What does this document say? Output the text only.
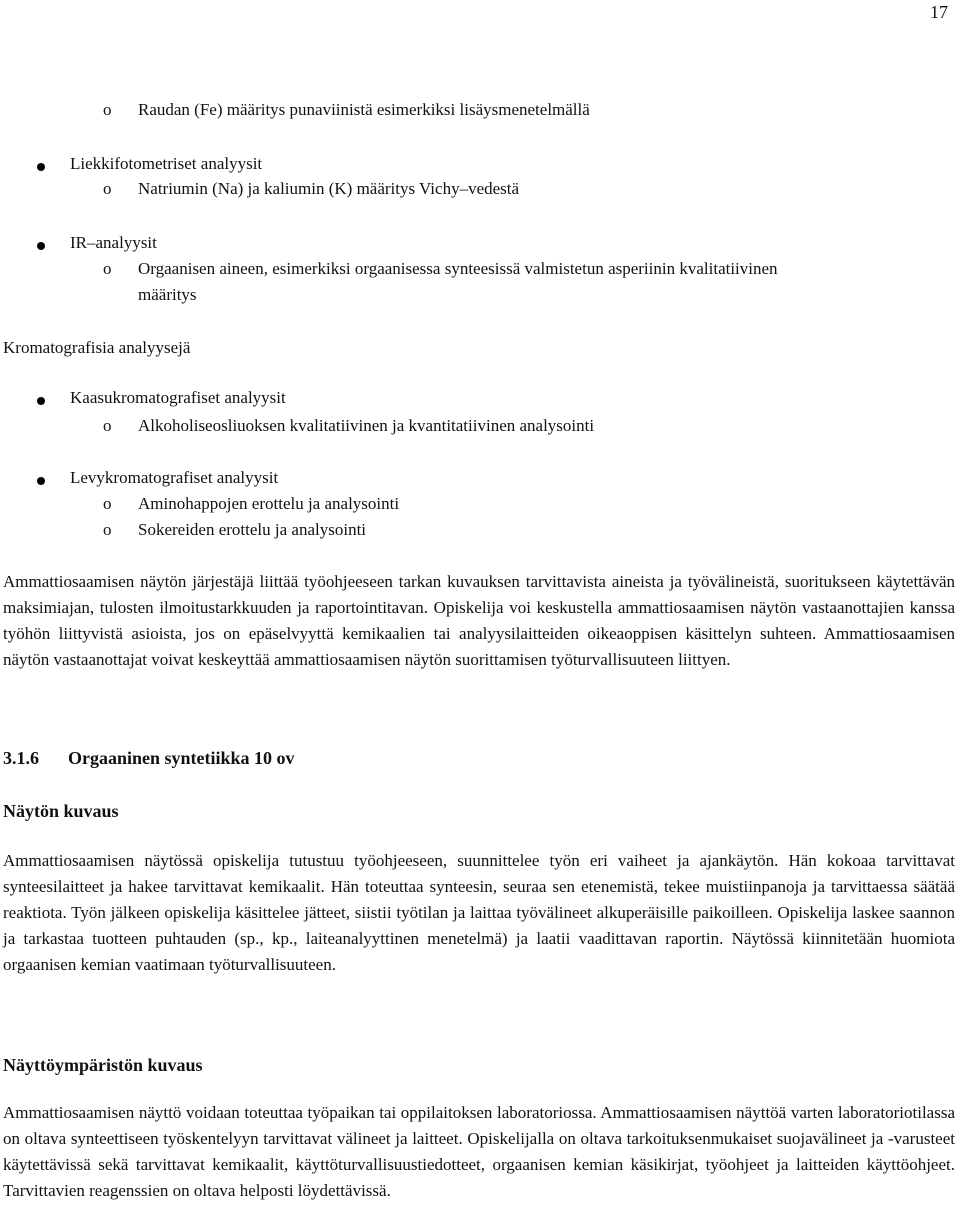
17
o Raudan (Fe) määritys punaviinistä esimerkiksi lisäysmenetelmällä
Liekkifotometriset analyysit
o Natriumin (Na) ja kaliumin (K) määritys Vichy–vedestä
IR–analyysit
o Orgaanisen aineen, esimerkiksi orgaanisessa synteesissä valmistetun asperiinin kvalitatiivinen
määritys
Kromatografisia analyysejä
Kaasukromatografiset analyysit
o Alkoholiseosliuoksen kvalitatiivinen ja kvantitatiivinen analysointi
Levykromatografiset analyysit
o Aminohappojen erottelu ja analysointi
o Sokereiden erottelu ja analysointi
Ammattiosaamisen näytön järjestäjä liittää työohjeeseen tarkan kuvauksen tarvittavista aineista ja työvälineistä, suoritukseen käytettävän maksimiajan, tulosten ilmoitustarkkuuden ja raportointitavan. Opiskelija voi keskustella ammattiosaamisen näytön vastaanottajien kanssa työhön liittyvistä asioista, jos on epäselvyyttä kemikaalien tai analyysilaitteiden oikeaoppisen käsittelyn suhteen. Ammattiosaamisen näytön vastaanottajat voivat keskeyttää ammattiosaamisen näytön suorittamisen työturvallisuuteen liittyen.
3.1.6 Orgaaninen syntetiikka 10 ov
Näytön kuvaus
Ammattiosaamisen näytössä opiskelija tutustuu työohjeeseen, suunnittelee työn eri vaiheet ja ajankäytön. Hän kokoaa tarvittavat synteesilaitteet ja hakee tarvittavat kemikaalit. Hän toteuttaa synteesin, seuraa sen etenemistä, tekee muistiinpanoja ja tarvittaessa säätää reaktiota. Työn jälkeen opiskelija käsittelee jätteet, siistii työtilan ja laittaa työvälineet alkuperäisille paikoilleen. Opiskelija laskee saannon ja tarkastaa tuotteen puhtauden (sp., kp., laiteanalyyttinen menetelmä) ja laatii vaadittavan raportin. Näytössä kiinnitetään huomiota orgaanisen kemian vaatimaan työturvallisuuteen.
Näyttöympäristön kuvaus
Ammattiosaamisen näyttö voidaan toteuttaa työpaikan tai oppilaitoksen laboratoriossa. Ammattiosaamisen näyttöä varten laboratoriotilassa on oltava synteettiseen työskentelyyn tarvittavat välineet ja laitteet. Opiskelijalla on oltava tarkoituksenmukaiset suojavälineet ja -varusteet käytettävissä sekä tarvittavat kemikaalit, käyttöturvallisuustiedotteet, orgaanisen kemian käsikirjat, työohjeet ja laitteiden käyttöohjeet. Tarvittavien reagenssien on oltava helposti löydettävissä.
